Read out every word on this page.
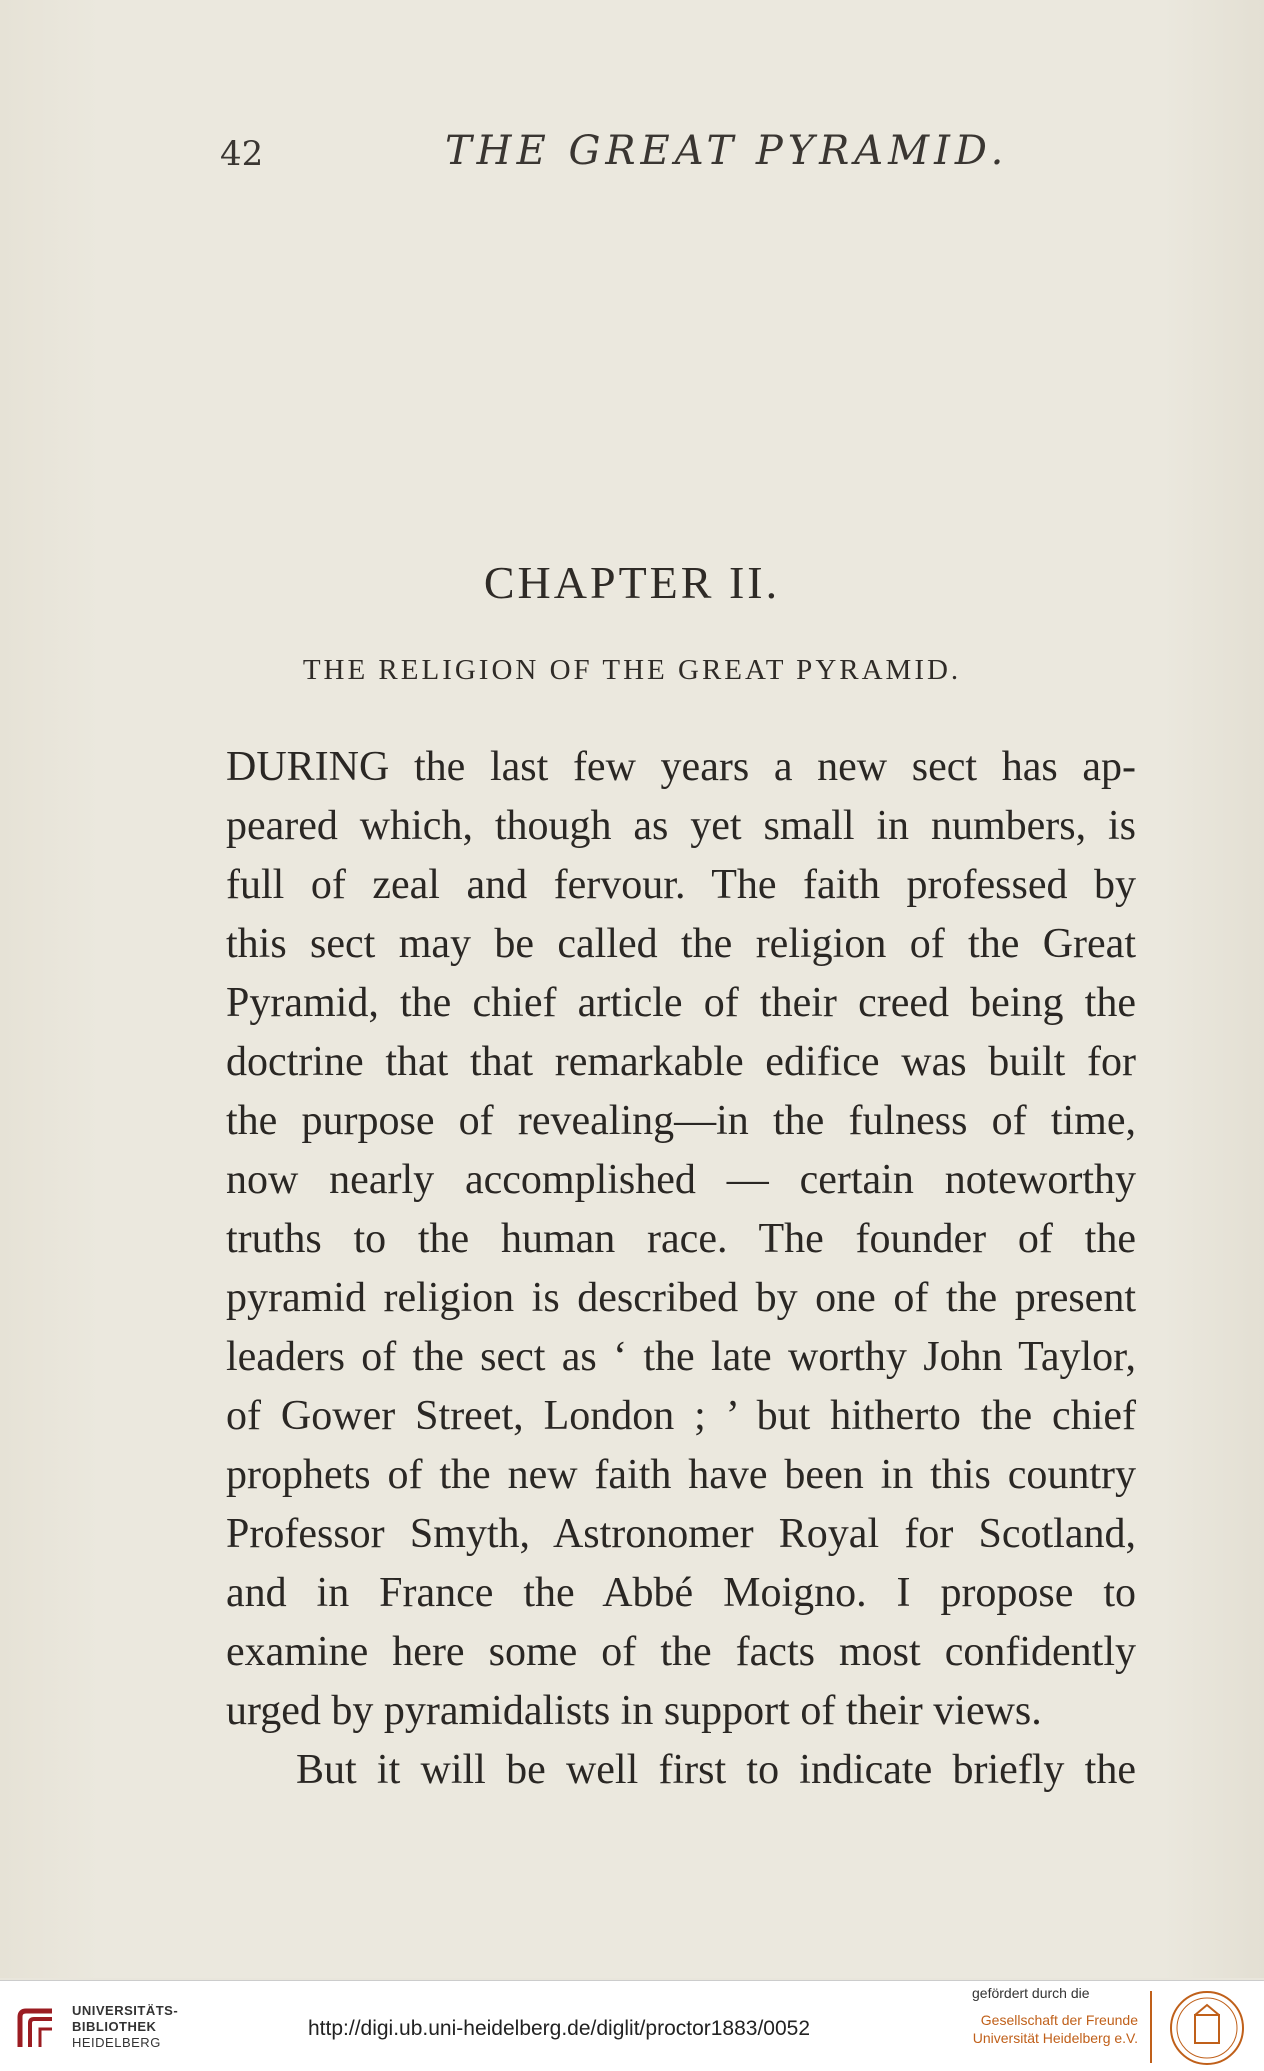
42	THE GREAT PYRAMID.
CHAPTER II.
THE RELIGION OF THE GREAT PYRAMID.
DURING the last few years a new sect has ap-
peared which, though as yet small in numbers, is
full of zeal and fervour. The faith professed by
this sect may be called the religion of the Great
Pyramid, the chief article of their creed being the
doctrine that that remarkable edifice was built for
the purpose of revealing—in the fulness of time,
now nearly accomplished — certain noteworthy
truths to the human race. The founder of the
pyramid religion is described by one of the present
leaders of the sect as ‘ the late worthy John Taylor,
of Gower Street, London ; ’ but hitherto the chief
prophets of the new faith have been in this country
Professor Smyth, Astronomer Royal for Scotland,
and in France the Abbé Moigno. I propose to
examine here some of the facts most confidently
urged by pyramidalists in support of their views.
But it will be well first to indicate briefly the
UNIVERSITÄTS-
BIBLIOTHEK
HEIDELBERG
http://digi.ub.uni-heidelberg.de/diglit/proctor1883/0052
gefördert durch die
Gesellschaft der Freunde
Universität Heidelberg e.V.
